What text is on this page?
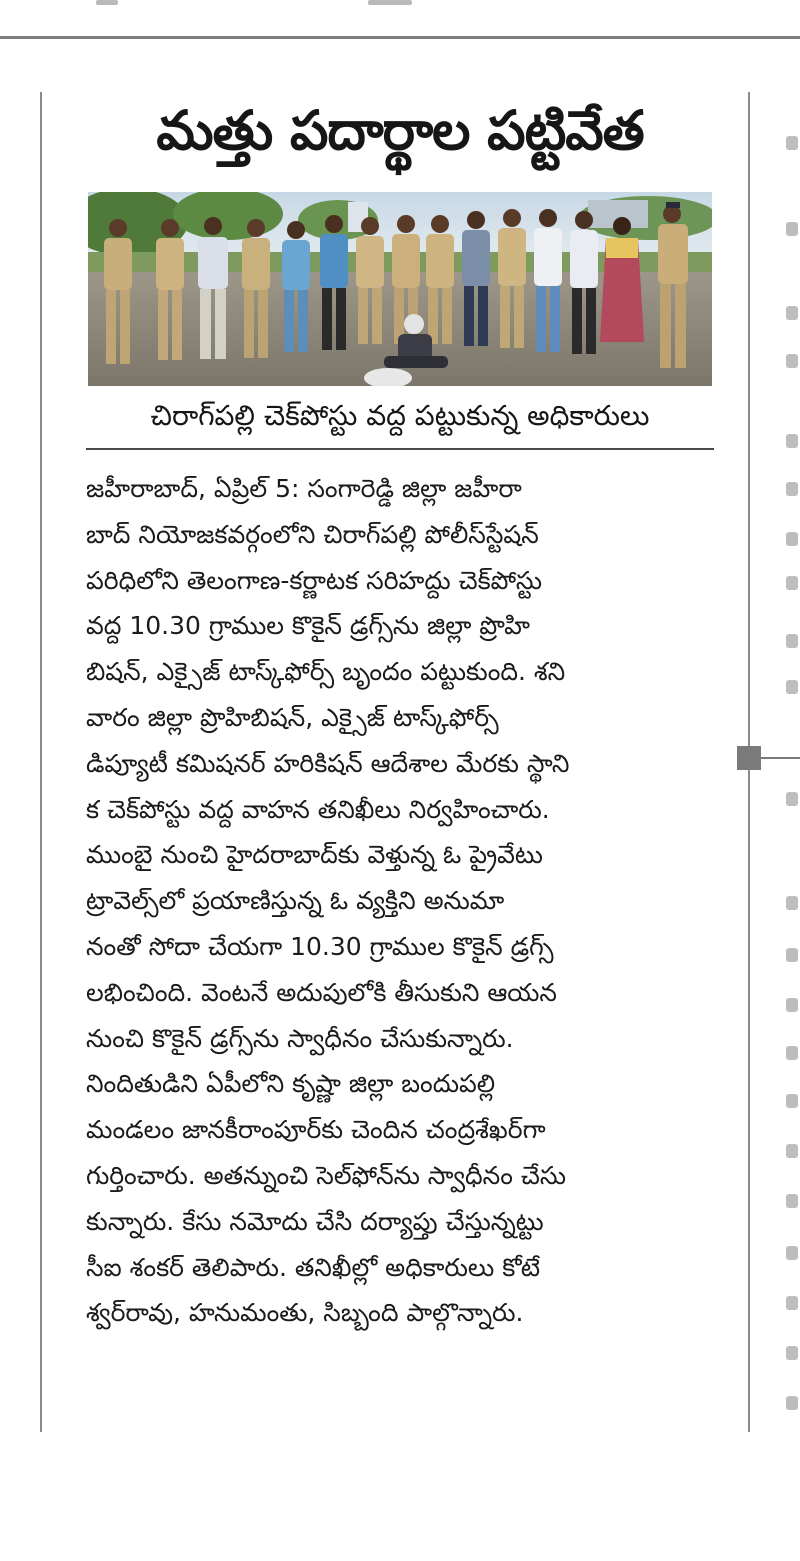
మత్తు పదార్థాల పట్టివేత

చిరాగ్‌పల్లి చెక్‌పోస్టు వద్ద పట్టుకున్న అధికారులు

జహీరాబాద్, ఏప్రిల్ 5: సంగారెడ్డి జిల్లా జహీరా
బాద్ నియోజకవర్గంలోని చిరాగ్‌పల్లి పోలీస్‌స్టేషన్
పరిధిలోని తెలంగాణ-కర్ణాటక సరిహద్దు చెక్‌పోస్టు
వద్ద 10.30 గ్రాముల కొకైన్ డ్రగ్స్‌ను జిల్లా ప్రొహి
బిషన్, ఎక్సైజ్ టాస్క్‌ఫోర్స్ బృందం పట్టుకుంది. శని
వారం జిల్లా ప్రొహిబిషన్, ఎక్సైజ్ టాస్క్‌ఫోర్స్
డిప్యూటీ కమిషనర్ హరికిషన్ ఆదేశాల మేరకు స్థాని
క చెక్‌పోస్టు వద్ద వాహన తనిఖీలు నిర్వహించారు.
ముంబై నుంచి హైదరాబాద్‌కు వెళ్తున్న ఓ ప్రైవేటు
ట్రావెల్స్‌లో ప్రయాణిస్తున్న ఓ వ్యక్తిని అనుమా
నంతో సోదా చేయగా 10.30 గ్రాముల కొకైన్ డ్రగ్స్
లభించింది. వెంటనే అదుపులోకి తీసుకుని ఆయన
నుంచి కొకైన్ డ్రగ్స్‌ను స్వాధీనం చేసుకున్నారు.
నిందితుడిని ఏపీలోని కృష్ణా జిల్లా బందుపల్లి
మండలం జానకీరాంపూర్‌కు చెందిన చంద్రశేఖర్‌గా
గుర్తించారు. అతన్నుంచి సెల్‌ఫోన్‌ను స్వాధీనం చేసు
కున్నారు. కేసు నమోదు చేసి దర్యాప్తు చేస్తున్నట్టు
సీఐ శంకర్ తెలిపారు. తనిఖీల్లో అధికారులు కోటే
శ్వర్‌రావు, హనుమంతు, సిబ్బంది పాల్గొన్నారు.
